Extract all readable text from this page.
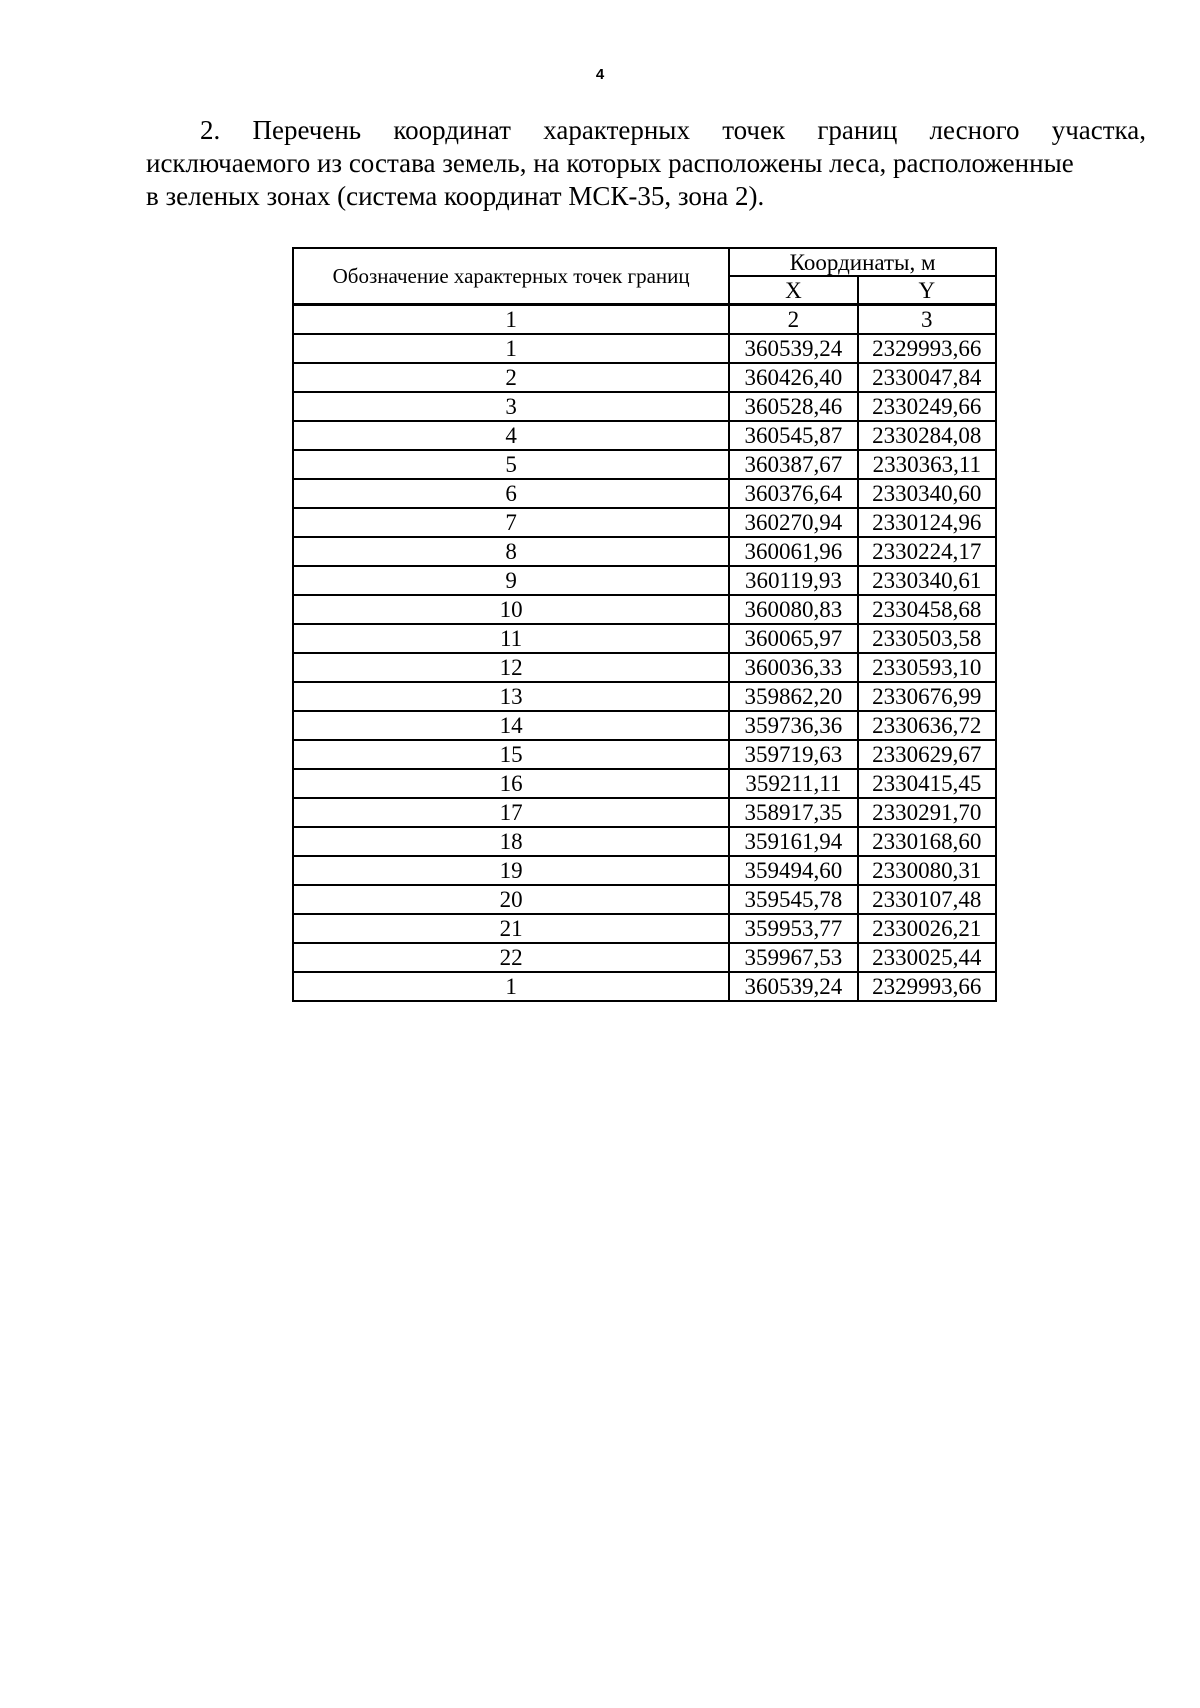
4

2. Перечень координат характерных точек границ лесного участка,
исключаемого из состава земель, на которых расположены леса, расположенные
в зеленых зонах (система координат МСК-35, зона 2).

Обозначение характерных точек границ	Координаты, м	
	X	Y
1	2	3
1	360539,24	2329993,66
2	360426,40	2330047,84
3	360528,46	2330249,66
4	360545,87	2330284,08
5	360387,67	2330363,11
6	360376,64	2330340,60
7	360270,94	2330124,96
8	360061,96	2330224,17
9	360119,93	2330340,61
10	360080,83	2330458,68
11	360065,97	2330503,58
12	360036,33	2330593,10
13	359862,20	2330676,99
14	359736,36	2330636,72
15	359719,63	2330629,67
16	359211,11	2330415,45
17	358917,35	2330291,70
18	359161,94	2330168,60
19	359494,60	2330080,31
20	359545,78	2330107,48
21	359953,77	2330026,21
22	359967,53	2330025,44
1	360539,24	2329993,66
